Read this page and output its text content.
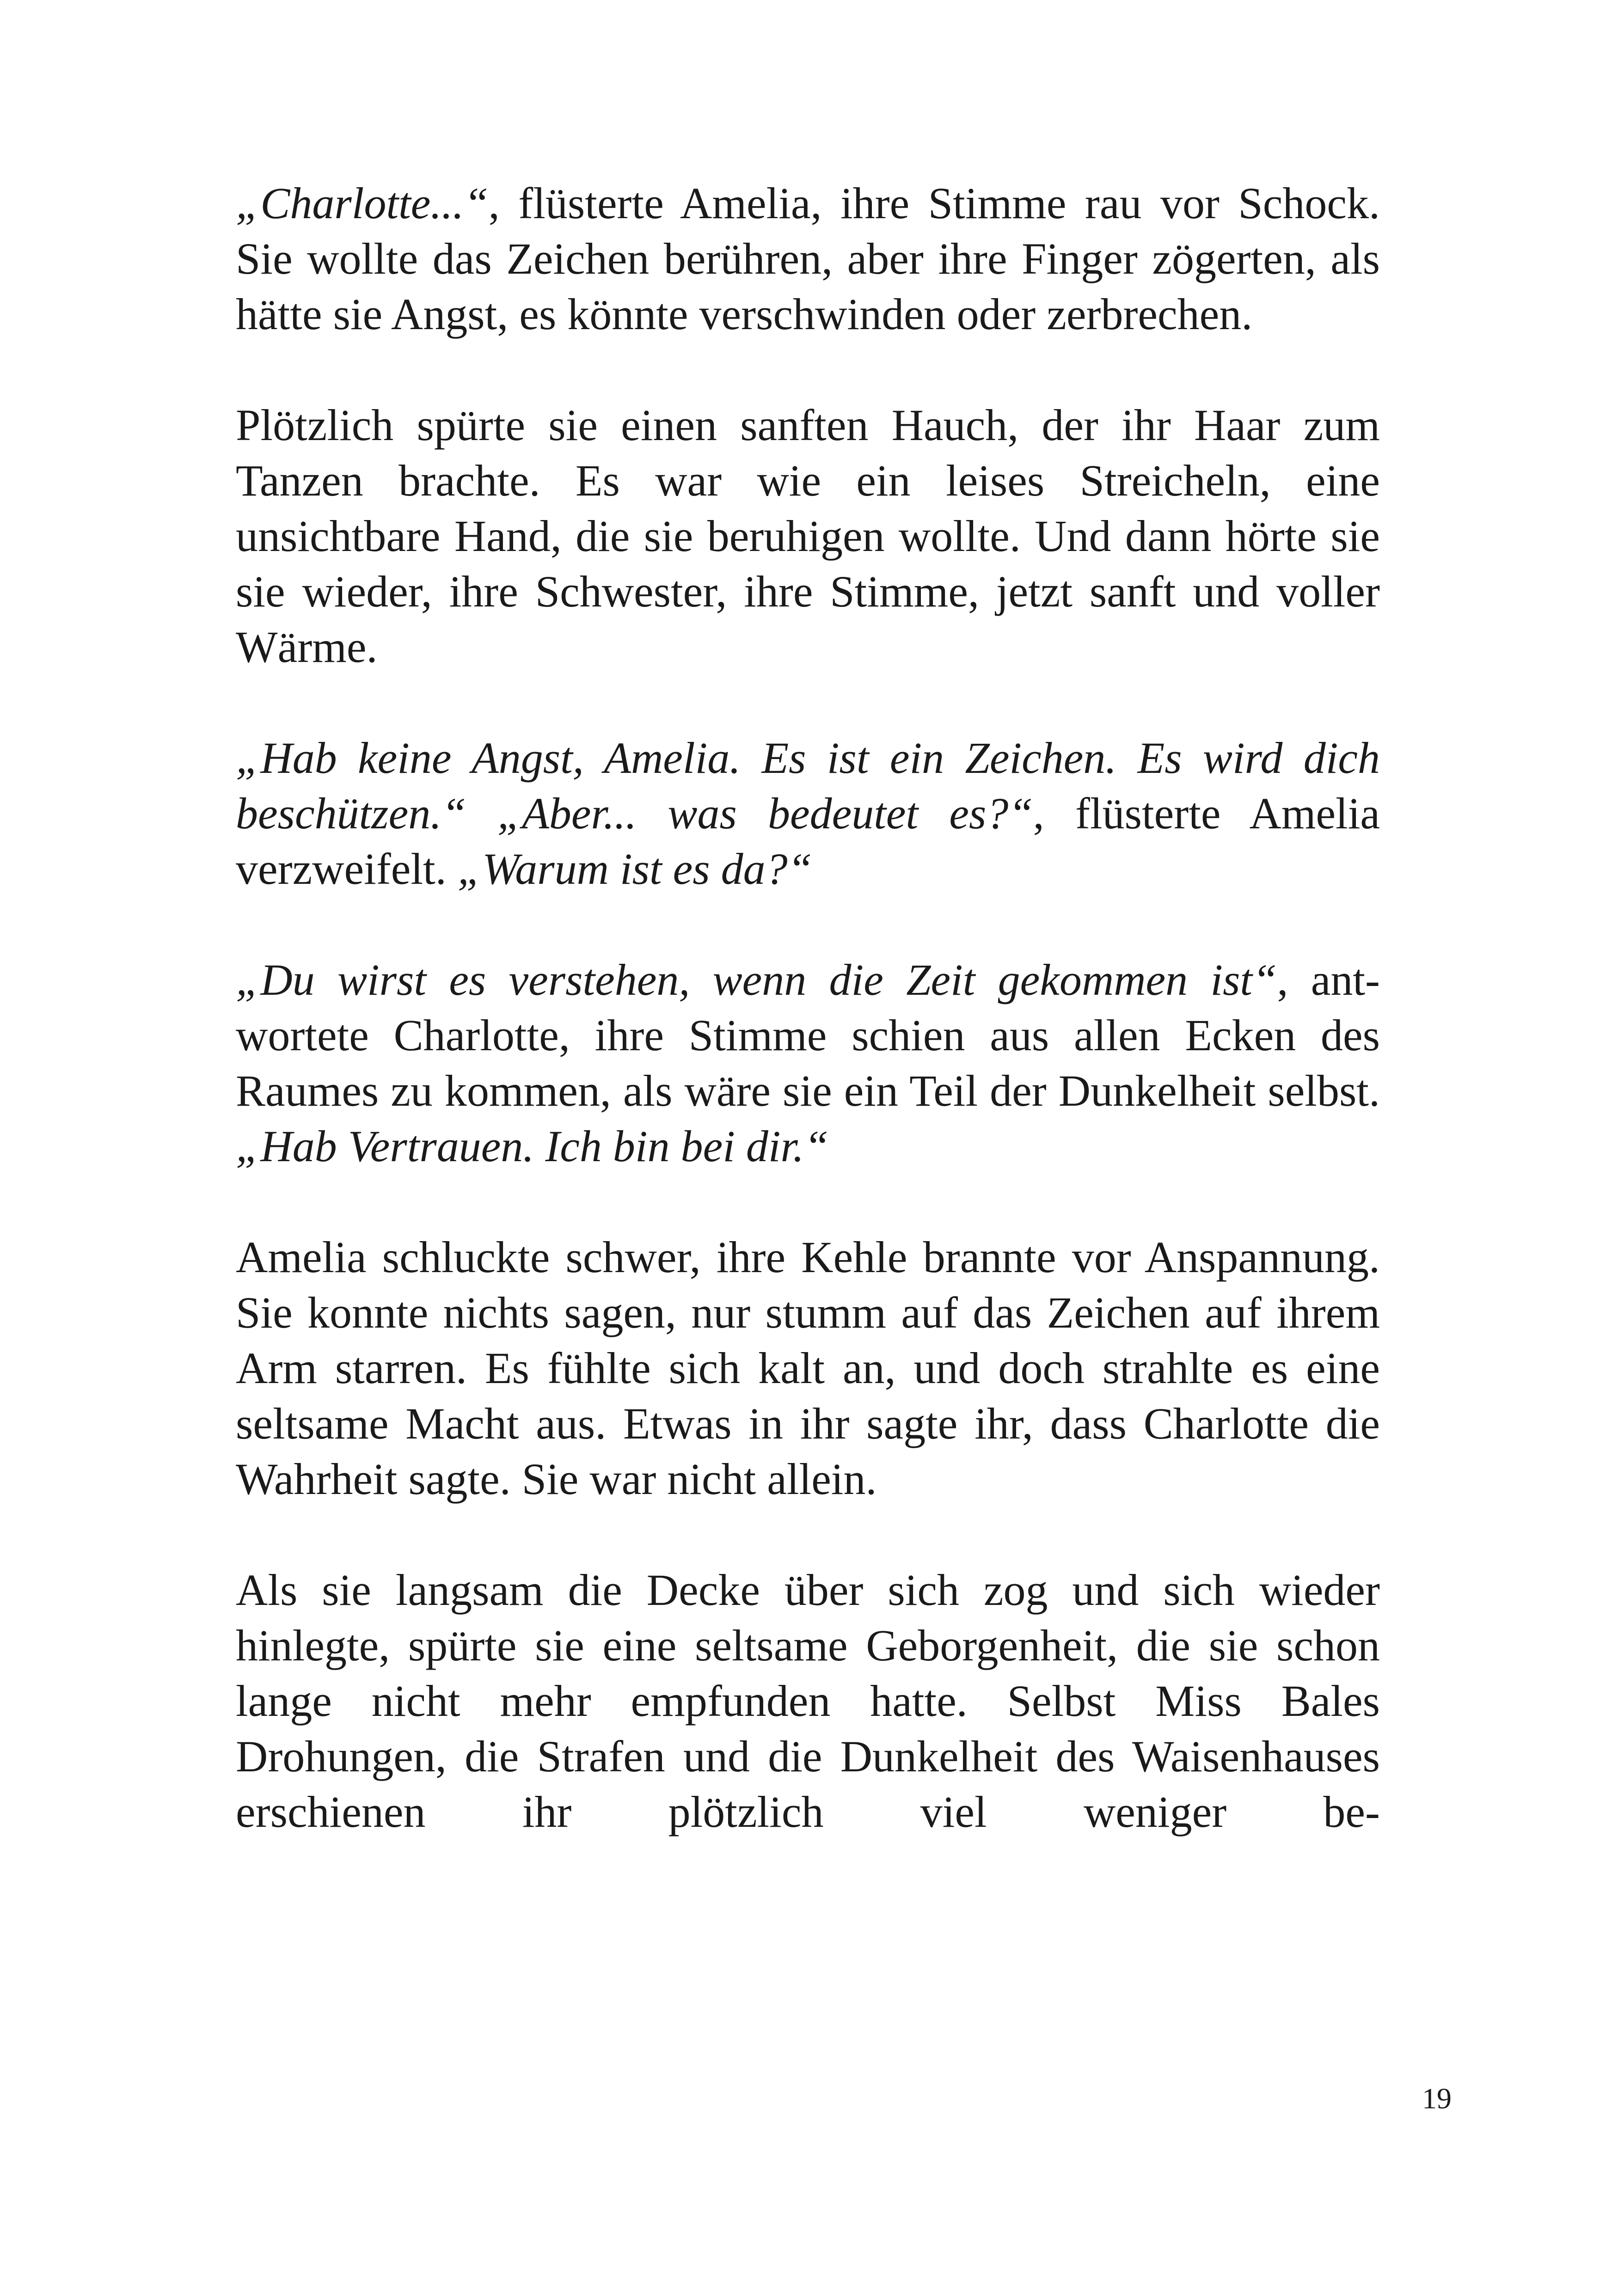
„Charlotte...“, flüsterte Amelia, ihre Stimme rau vor Schock. Sie wollte das Zeichen berühren, aber ihre Finger zögerten, als hätte sie Angst, es könnte verschwinden oder zerbrechen.

Plötzlich spürte sie einen sanften Hauch, der ihr Haar zum Tanzen brachte. Es war wie ein leises Streicheln, eine unsichtbare Hand, die sie beruhigen wollte. Und dann hörte sie sie wieder, ihre Schwester, ihre Stimme, jetzt sanft und voller Wärme.

„Hab keine Angst, Amelia. Es ist ein Zeichen. Es wird dich beschützen.“ „Aber... was bedeutet es?“, flüsterte Amelia verzweifelt. „Warum ist es da?“

„Du wirst es verstehen, wenn die Zeit gekommen ist“, antwortete Charlotte, ihre Stimme schien aus allen Ecken des Raumes zu kommen, als wäre sie ein Teil der Dunkelheit selbst. „Hab Vertrauen. Ich bin bei dir.“

Amelia schluckte schwer, ihre Kehle brannte vor Anspannung. Sie konnte nichts sagen, nur stumm auf das Zeichen auf ihrem Arm starren. Es fühlte sich kalt an, und doch strahlte es eine seltsame Macht aus. Etwas in ihr sagte ihr, dass Charlotte die Wahrheit sagte. Sie war nicht allein.

Als sie langsam die Decke über sich zog und sich wieder hinlegte, spürte sie eine seltsame Geborgenheit, die sie schon lange nicht mehr empfunden hatte. Selbst Miss Bales Drohungen, die Strafen und die Dunkelheit des Waisenhauses erschienen ihr plötzlich viel weniger be-

19
